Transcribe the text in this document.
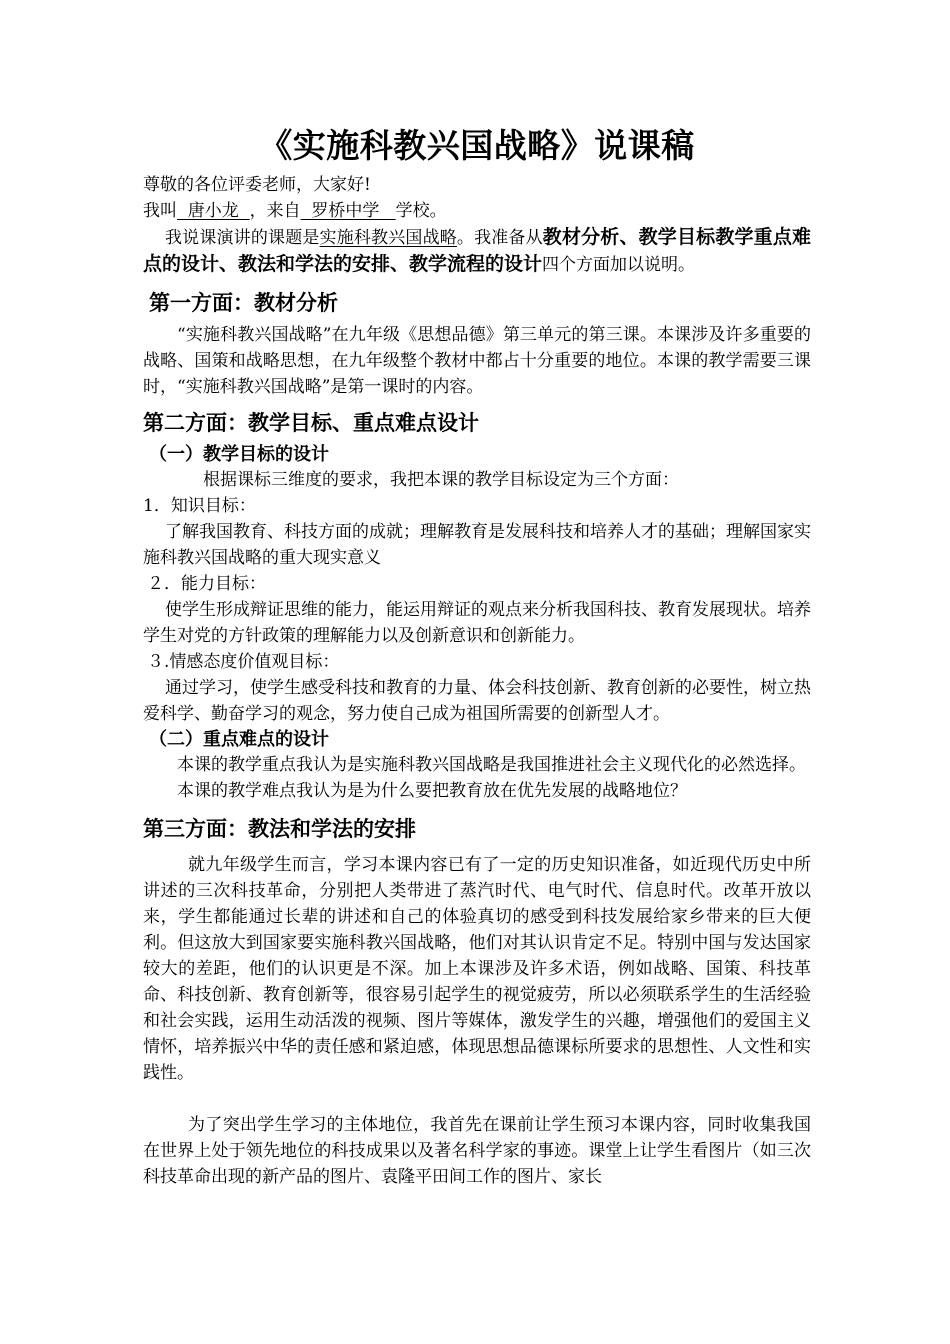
《实施科教兴国战略》说课稿

尊敬的各位评委老师，大家好!

我叫  唐小龙  ，来自  罗桥中学   学校。

我说课演讲的课题是实施科教兴国战略。我准备从教材分析、教学目标教学重点难点的设计、教法和学法的安排、教学流程的设计四个方面加以说明。

第一方面：教材分析

“实施科教兴国战略”在九年级《思想品德》第三单元的第三课。本课涉及许多重要的战略、国策和战略思想，在九年级整个教材中都占十分重要的地位。本课的教学需要三课时，“实施科教兴国战略”是第一课时的内容。

第二方面：教学目标、重点难点设计
（一）教学目标的设计

根据课标三维度的要求，我把本课的教学目标设定为三个方面：

1．知识目标：

了解我国教育、科技方面的成就；理解教育是发展科技和培养人才的基础；理解国家实施科教兴国战略的重大现实意义

２．能力目标：

使学生形成辩证思维的能力，能运用辩证的观点来分析我国科技、教育发展现状。培养学生对党的方针政策的理解能力以及创新意识和创新能力。

３.情感态度价值观目标：

通过学习，使学生感受科技和教育的力量、体会科技创新、教育创新的必要性，树立热爱科学、勤奋学习的观念，努力使自己成为祖国所需要的创新型人才。

（二）重点难点的设计

本课的教学重点我认为是实施科教兴国战略是我国推进社会主义现代化的必然选择。

本课的教学难点我认为是为什么要把教育放在优先发展的战略地位？

第三方面：教法和学法的安排

就九年级学生而言，学习本课内容已有了一定的历史知识准备，如近现代历史中所讲述的三次科技革命，分别把人类带进了蒸汽时代、电气时代、信息时代。改革开放以来，学生都能通过长辈的讲述和自己的体验真切的感受到科技发展给家乡带来的巨大便利。但这放大到国家要实施科教兴国战略，他们对其认识肯定不足。特别中国与发达国家较大的差距，他们的认识更是不深。加上本课涉及许多术语，例如战略、国策、科技革命、科技创新、教育创新等，很容易引起学生的视觉疲劳，所以必须联系学生的生活经验和社会实践，运用生动活泼的视频、图片等媒体，激发学生的兴趣，增强他们的爱国主义情怀，培养振兴中华的责任感和紧迫感，体现思想品德课标所要求的思想性、人文性和实践性。

为了突出学生学习的主体地位，我首先在课前让学生预习本课内容，同时收集我国在世界上处于领先地位的科技成果以及著名科学家的事迹。课堂上让学生看图片（如三次科技革命出现的新产品的图片、袁隆平田间工作的图片、家长
